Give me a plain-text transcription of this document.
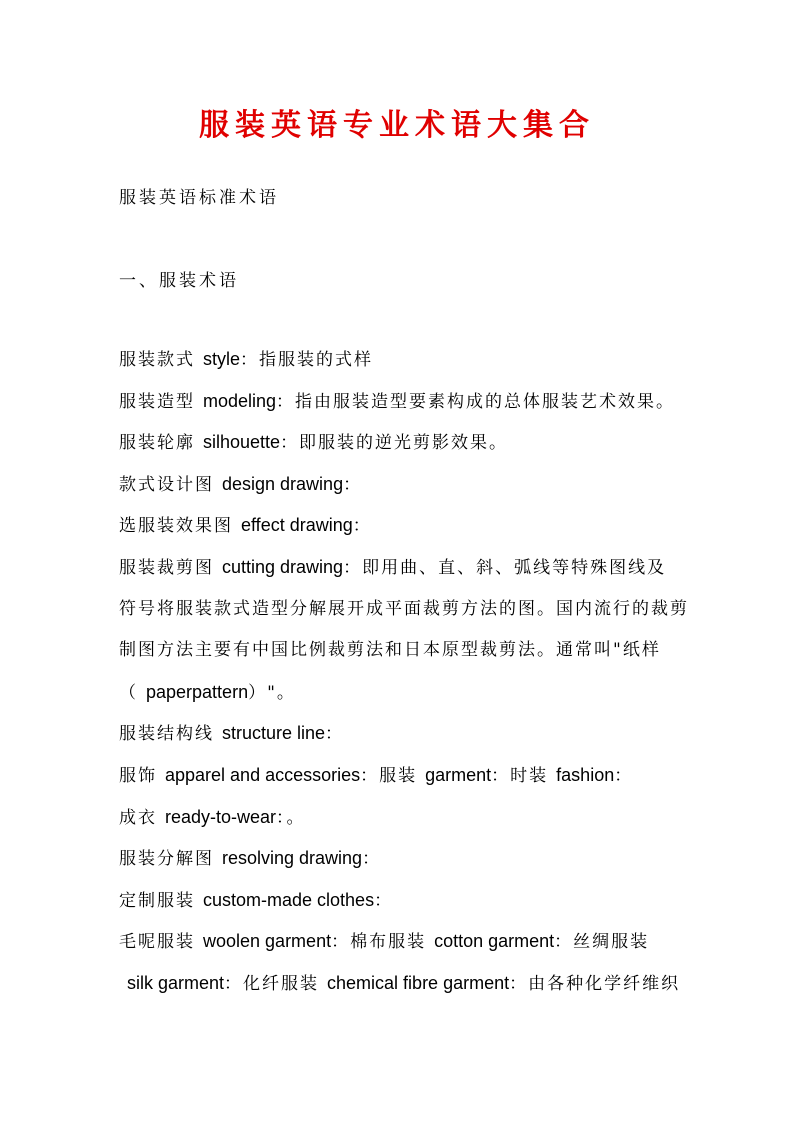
服装英语专业术语大集合
服装英语标准术语
一、服装术语
服装款式 style：指服装的式样
服装造型 modeling：指由服装造型要素构成的总体服装艺术效果。
服装轮廓 silhouette：即服装的逆光剪影效果。
款式设计图 design drawing：
选服装效果图 effect drawing：
服装裁剪图 cutting drawing：即用曲、直、斜、弧线等特殊图线及
符号将服装款式造型分解展开成平面裁剪方法的图。国内流行的裁剪
制图方法主要有中国比例裁剪法和日本原型裁剪法。通常叫"纸样
（ paperpattern）"。
服装结构线 structure line：
服饰 apparel and accessories：服装 garment：时装 fashion：
成衣 ready-to-wear：。
服装分解图 resolving drawing：
定制服装 custom-made clothes：
毛呢服装 woolen garment：棉布服装 cotton garment：丝绸服装
silk garment：化纤服装 chemical fibre garment：由各种化学纤维织
